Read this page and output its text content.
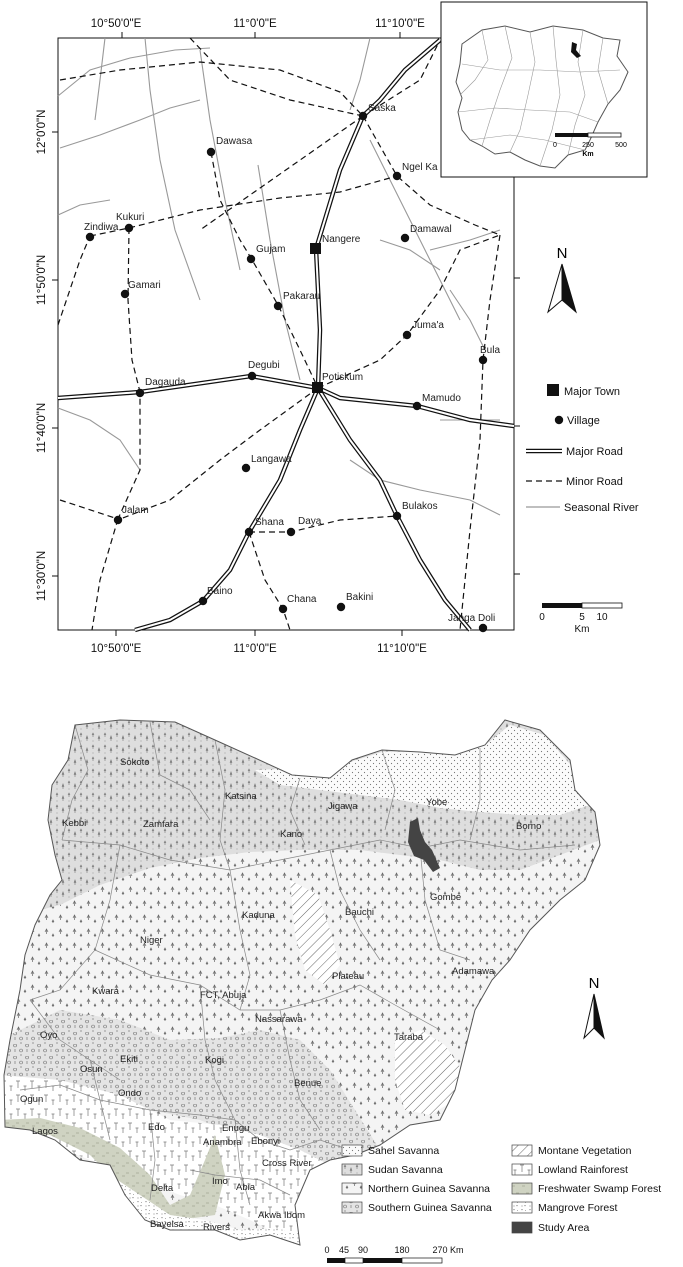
Saska
Dawasa
Ngel Ka
Zindiwa
Kukuri
Damawal
Gujam
Nangere
Gamari
Pakarau
Juma'a
Bula
Degubi
Potiskum
Dagauda
Mamudo
Langawa
Bulakos
Jalam
Shana Daya
Baino
Chana	Bakini
Janga Doli
10°50'0"E	11°0'0"E	11°10'0"E
10°50'0"E	11°0'0"E	11°10'0"E
12°0'0"N
11°50'0"N
11°40'0"N
11°30'0"N
0	250	500
Km
N
Major Town
Village
Major Road
Minor Road
Seasonal River
0	5 10
Km
Sokoto
Katsina
Jigawa	Yobe
Borno
Kebbi	Zamfara
Kano
Kaduna	Bauchi
Gombe
Niger
Plateau	Adamawa
Kwara	FCT, Abuja
Nassarawa
Taraba
Oyo
Ekiti
Osun
Kogi
Benue
Ogun
Ondo
Edo
Lagos	Enugu
Anambra Ebonyi
Cross River
Delta
Imo
Abia
Akwa Ibom
Bayelsa Rivers
N
Sahel Savanna	Montane Vegetation
Sudan Savanna	Lowland Rainforest
Northern Guinea Savanna	Freshwater Swamp Forest
Southern Guinea Savanna	Mangrove Forest
Study Area
0 45 90	180	270 Km
